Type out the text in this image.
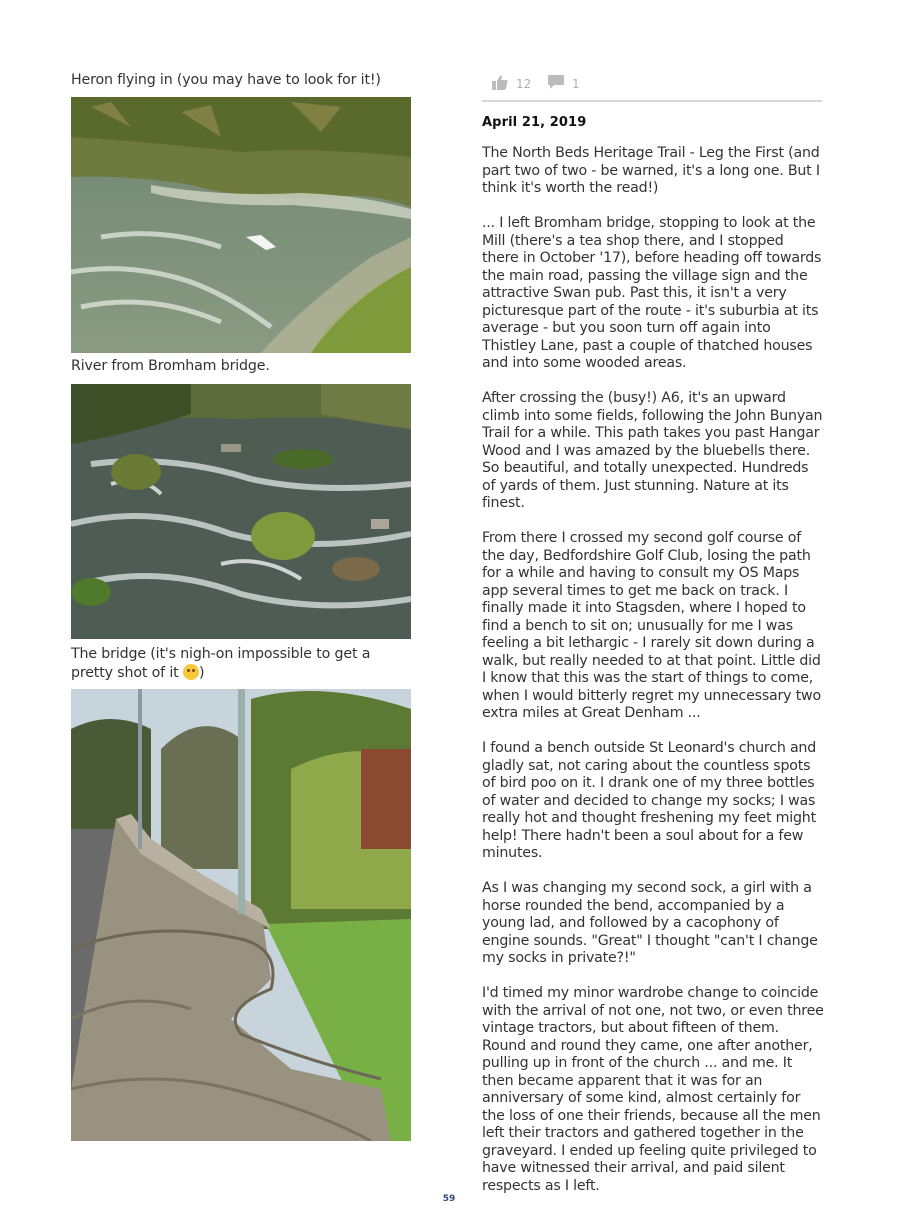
Heron flying in (you may have to look for it!)
River from Bromham bridge.
The bridge (it's nigh-on impossible to get a pretty shot of it )
12	1
April 21, 2019

The North Beds Heritage Trail - Leg the First (and part two of two - be warned, it's a long one. But I think it's worth the read!)

... I left Bromham bridge, stopping to look at the Mill (there's a tea shop there, and I stopped there in October '17), before heading off towards the main road, passing the village sign and the attractive Swan pub. Past this, it isn't a very picturesque part of the route - it's suburbia at its average - but you soon turn off again into Thistley Lane, past a couple of thatched houses and into some wooded areas.

After crossing the (busy!) A6, it's an upward climb into some fields, following the John Bunyan Trail for a while. This path takes you past Hangar Wood and I was amazed by the bluebells there. So beautiful, and totally unexpected. Hundreds of yards of them. Just stunning. Nature at its finest.

From there I crossed my second golf course of the day, Bedfordshire Golf Club, losing the path for a while and having to consult my OS Maps app several times to get me back on track. I finally made it into Stagsden, where I hoped to find a bench to sit on; unusually for me I was feeling a bit lethargic - I rarely sit down during a walk, but really needed to at that point. Little did I know that this was the start of things to come, when I would bitterly regret my unnecessary two extra miles at Great Denham ...

I found a bench outside St Leonard's church and gladly sat, not caring about the countless spots of bird poo on it. I drank one of my three bottles of water and decided to change my socks; I was really hot and thought freshening my feet might help! There hadn't been a soul about for a few minutes.

As I was changing my second sock, a girl with a horse rounded the bend, accompanied by a young lad, and followed by a cacophony of engine sounds. "Great" I thought "can't I change my socks in private?!"

I'd timed my minor wardrobe change to coincide with the arrival of not one, not two, or even three vintage tractors, but about fifteen of them. Round and round they came, one after another, pulling up in front of the church ... and me. It then became apparent that it was for an anniversary of some kind, almost certainly for the loss of one their friends, because all the men left their tractors and gathered together in the graveyard. I ended up feeling quite privileged to have witnessed their arrival, and paid silent respects as I left.

59
